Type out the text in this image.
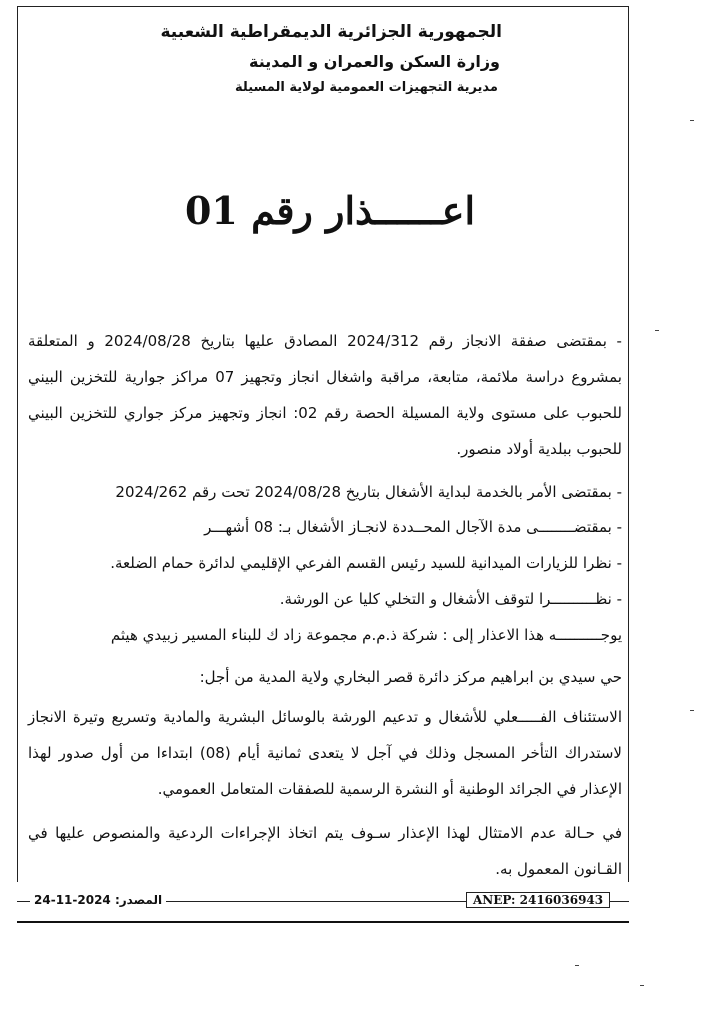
الجمهورية الجزائرية الديمقراطية الشعبية
وزارة السكن والعمران و المدينة
مديرية التجهيزات العمومية لولاية المسيلة
اعــــــذار رقم 01

- بمقتضى صفقة الانجاز رقم 2024/312 المصادق عليها بتاريخ 2024/08/28 و المتعلقة بمشروع دراسة ملائمة، متابعة، مراقبة واشغال انجاز وتجهيز 07 مراكز جوارية للتخزين البيني للحبوب على مستوى ولاية المسيلة الحصة رقم 02: انجاز وتجهيز مركز جواري للتخزين البيني للحبوب ببلدية أولاد منصور.

- بمقتضى الأمر بالخدمة لبداية الأشغال بتاريخ 2024/08/28 تحت رقم 2024/262
- بمقتضــــــــى مدة الآجال المحــددة لانجـاز الأشغال بـ: 08 أشهـــر
- نظرا للزيارات الميدانية للسيد رئيس القسم الفرعي الإقليمي لدائرة حمام الضلعة.
- نظــــــــــرا لتوقف الأشغال و التخلي كليا عن الورشة.
يوجــــــــــه هذا الاعذار إلى : شركة ذ.م.م مجموعة زاد ك للبناء المسير زبيدي هيثم
حي سيدي بن ابراهيم مركز دائرة قصر البخاري ولاية المدية من أجل:

الاستئناف الفـــــعلي للأشغال و تدعيم الورشة بالوسائل البشرية والمادية وتسريع وتيرة الانجاز لاستدراك التأخر المسجل وذلك في آجل لا يتعدى ثمانية أيام (08) ابتداءا من أول صدور لهذا الإعذار في الجرائد الوطنية أو النشرة الرسمية للصفقات المتعامل العمومي.

في حـالة عدم الامتثال لهذا الإعذار سـوف يتم اتخاذ الإجراءات الردعية والمنصوص عليها في القـانون المعمول به.

المصدر: 2024-11-24	ANEP: 2416036943
